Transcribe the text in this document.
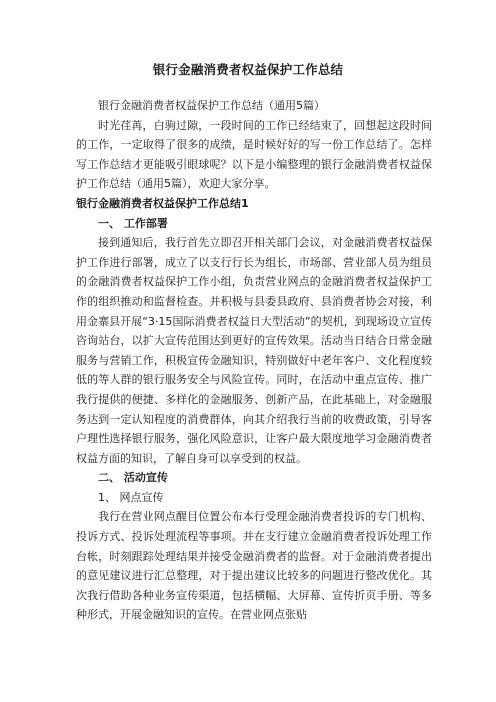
银行金融消费者权益保护工作总结

银行金融消费者权益保护工作总结（通用5篇）

时光荏苒，白驹过隙，一段时间的工作已经结束了，回想起这段时间的工作，一定取得了很多的成绩，是时候好好的写一份工作总结了。怎样写工作总结才更能吸引眼球呢？以下是小编整理的银行金融消费者权益保护工作总结（通用5篇），欢迎大家分享。

银行金融消费者权益保护工作总结1

一、 工作部署

接到通知后，我行首先立即召开相关部门会议，对金融消费者权益保护工作进行部署，成立了以支行行长为组长，市场部、营业部人员为组员的金融消费者权益保护工作小组，负责营业网点的金融消费者权益保护工作的组织推动和监督检查。并积极与县委县政府、县消费者协会对接，利用金寨县开展“3·15国际消费者权益日大型活动”的契机，到现场设立宣传咨询站台，以扩大宣传范围达到更好的宣传效果。活动当日结合日常金融服务与营销工作，积极宣传金融知识，特别做好中老年客户、文化程度较低的等人群的银行服务安全与风险宣传。同时，在活动中重点宣传、推广我行提供的便捷、多样化的金融服务、创新产品，在此基础上，对金融服务达到一定认知程度的消费群体，向其介绍我行当前的收费政策，引导客户理性选择银行服务，强化风险意识，让客户最大限度地学习金融消费者权益方面的知识，了解自身可以享受到的权益。

二、 活动宣传

1、 网点宣传

我行在营业网点醒目位置公布本行受理金融消费者投诉的专门机构、投诉方式、投诉处理流程等事项。并在支行建立金融消费者投诉处理工作台帐，时刻跟踪处理结果并接受金融消费者的监督。对于金融消费者提出的意见建议进行汇总整理，对于提出建议比较多的问题进行整改优化。其次我行借助各种业务宣传渠道，包括横幅、大屏幕、宣传折页手册、等多种形式，开展金融知识的宣传。在营业网点张贴
